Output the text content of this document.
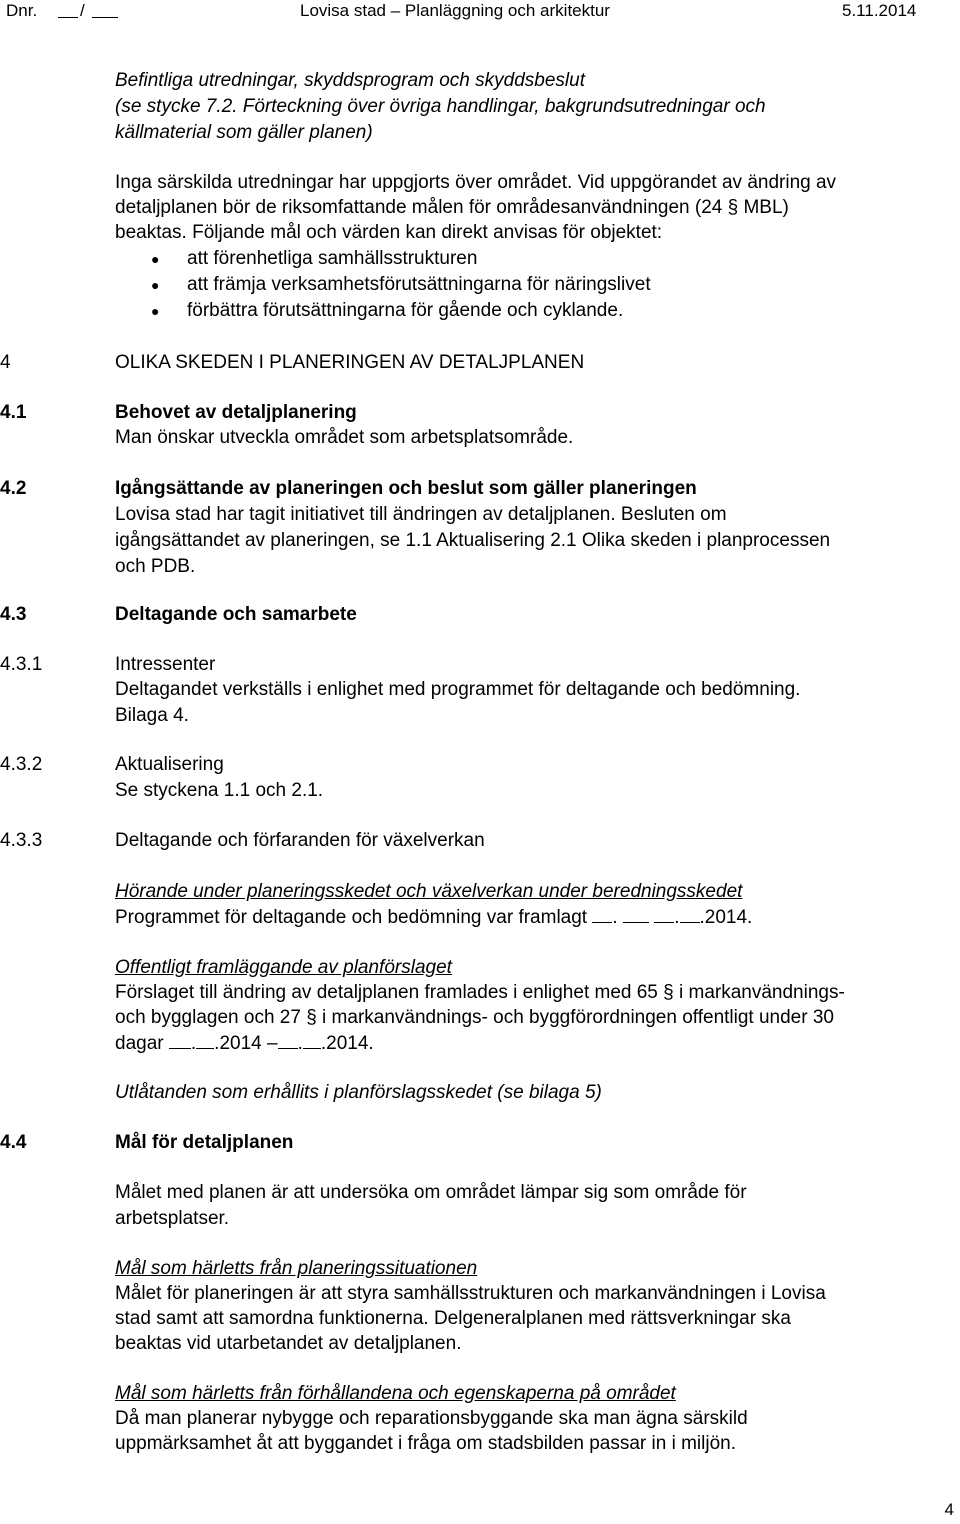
Dnr.	/	Lovisa stad – Planläggning och arkitektur	5.11.2014
Befintliga utredningar, skyddsprogram och skyddsbeslut
(se stycke 7.2. Förteckning över övriga handlingar, bakgrundsutredningar och
källmaterial som gäller planen)
Inga särskilda utredningar har uppgjorts över området. Vid uppgörandet av ändring av
detaljplanen bör de riksomfattande målen för områdesanvändningen (24 § MBL)
beaktas. Följande mål och värden kan direkt anvisas för objektet:
● att förenhetliga samhällsstrukturen
● att främja verksamhetsförutsättningarna för näringslivet
● förbättra förutsättningarna för gående och cyklande.
4	OLIKA SKEDEN I PLANERINGEN AV DETALJPLANEN
4.1	Behovet av detaljplanering
Man önskar utveckla området som arbetsplatsområde.
4.2	Igångsättande av planeringen och beslut som gäller planeringen
Lovisa stad har tagit initiativet till ändringen av detaljplanen. Besluten om
igångsättandet av planeringen, se 1.1 Aktualisering 2.1 Olika skeden i planprocessen
och PDB.
4.3	Deltagande och samarbete
4.3.1	Intressenter
Deltagandet verkställs i enlighet med programmet för deltagande och bedömning.
Bilaga 4.
4.3.2	Aktualisering
Se styckena 1.1 och 2.1.
4.3.3	Deltagande och förfaranden för växelverkan
Hörande under planeringsskedet och växelverkan under beredningsskedet
Programmet för deltagande och bedömning var framlagt .	. .2014.
Offentligt framläggande av planförslaget
Förslaget till ändring av detaljplanen framlades i enlighet med 65 § i markanvändnings-
och bygglagen och 27 § i markanvändnings- och byggförordningen offentligt under 30
dagar . .2014 – . .2014.
Utlåtanden som erhållits i planförslagsskedet (se bilaga 5)
4.4	Mål för detaljplanen
Målet med planen är att undersöka om området lämpar sig som område för
arbetsplatser.
Mål som härletts från planeringssituationen
Målet för planeringen är att styra samhällsstrukturen och markanvändningen i Lovisa
stad samt att samordna funktionerna. Delgeneralplanen med rättsverkningar ska
beaktas vid utarbetandet av detaljplanen.
Mål som härletts från förhållandena och egenskaperna på området
Då man planerar nybygge och reparationsbyggande ska man ägna särskild
uppmärksamhet åt att byggandet i fråga om stadsbilden passar in i miljön.
4
